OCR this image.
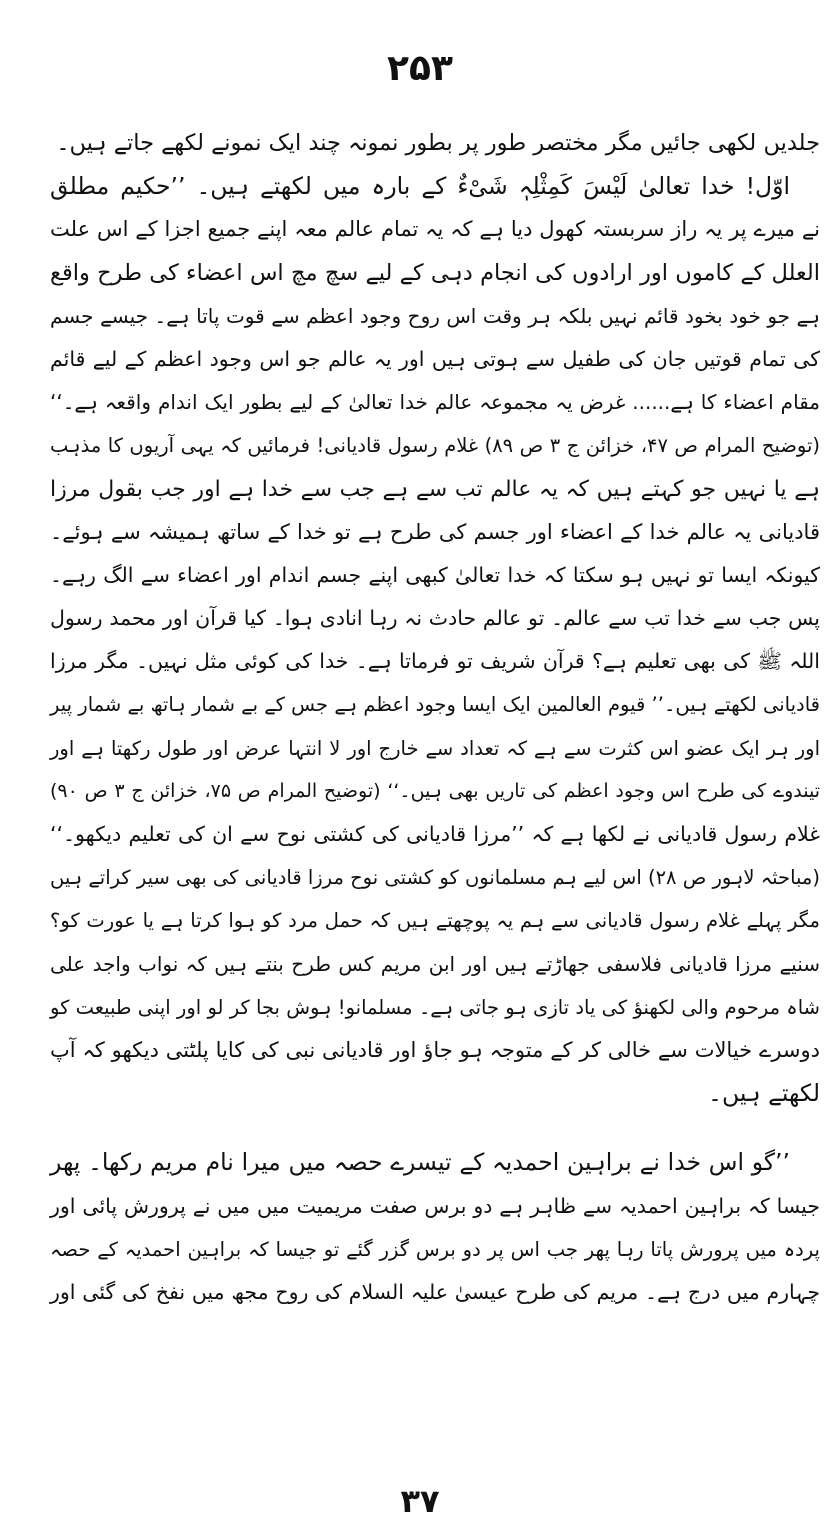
۲۵۳
جلدیں لکھی جائیں مگر مختصر طور پر بطور نمونہ چند ایک نمونے لکھے جاتے ہیں۔
اوّل! خدا تعالیٰ لَیْسَ کَمِثْلِہٖ شَیْءٌ کے بارہ میں لکھتے ہیں۔ ’’حکیم مطلق
نے میرے پر یہ راز سربستہ کھول دیا ہے کہ یہ تمام عالم معہ اپنے جمیع اجزا کے اس علت
العلل کے کاموں اور ارادوں کی انجام دہی کے لیے سچ مچ اس اعضاء کی طرح واقع
ہے جو خود بخود قائم نہیں بلکہ ہر وقت اس روح وجود اعظم سے قوت پاتا ہے۔ جیسے جسم
کی تمام قوتیں جان کی طفیل سے ہوتی ہیں اور یہ عالم جو اس وجود اعظم کے لیے قائم
مقام اعضاء کا ہے...... غرض یہ مجموعہ عالم خدا تعالیٰ کے لیے بطور ایک اندام واقعہ ہے۔‘‘
(توضیح المرام ص ۴۷، خزائن ج ۳ ص ۸۹) غلام رسول قادیانی! فرمائیں کہ یہی آریوں کا مذہب
ہے یا نہیں جو کہتے ہیں کہ یہ عالم تب سے ہے جب سے خدا ہے اور جب بقول مرزا
قادیانی یہ عالم خدا کے اعضاء اور جسم کی طرح ہے تو خدا کے ساتھ ہمیشہ سے ہوئے۔
کیونکہ ایسا تو نہیں ہو سکتا کہ خدا تعالیٰ کبھی اپنے جسم اندام اور اعضاء سے الگ رہے۔
پس جب سے خدا تب سے عالم۔ تو عالم حادث نہ رہا انادی ہوا۔ کیا قرآن اور محمد رسول
اللہ ﷺ کی بھی تعلیم ہے؟ قرآن شریف تو فرماتا ہے۔ خدا کی کوئی مثل نہیں۔ مگر مرزا
قادیانی لکھتے ہیں۔’’ قیوم العالمین ایک ایسا وجود اعظم ہے جس کے بے شمار ہاتھ بے شمار پیر
اور ہر ایک عضو اس کثرت سے ہے کہ تعداد سے خارج اور لا انتہا عرض اور طول رکھتا ہے اور
تیندوے کی طرح اس وجود اعظم کی تاریں بھی ہیں۔‘‘ (توضیح المرام ص ۷۵، خزائن ج ۳ ص ۹۰)
غلام رسول قادیانی نے لکھا ہے کہ ’’مرزا قادیانی کی کشتی نوح سے ان کی تعلیم دیکھو۔‘‘
(مباحثہ لاہور ص ۲۸) اس لیے ہم مسلمانوں کو کشتی نوح مرزا قادیانی کی بھی سیر کراتے ہیں
مگر پہلے غلام رسول قادیانی سے ہم یہ پوچھتے ہیں کہ حمل مرد کو ہوا کرتا ہے یا عورت کو؟
سنیے مرزا قادیانی فلاسفی جھاڑتے ہیں اور ابن مریم کس طرح بنتے ہیں کہ نواب واجد علی
شاہ مرحوم والی لکھنؤ کی یاد تازی ہو جاتی ہے۔ مسلمانو! ہوش بجا کر لو اور اپنی طبیعت کو
دوسرے خیالات سے خالی کر کے متوجہ ہو جاؤ اور قادیانی نبی کی کایا پلٹتی دیکھو کہ آپ
لکھتے ہیں۔
’’گو اس خدا نے براہین احمدیہ کے تیسرے حصہ میں میرا نام مریم رکھا۔ پھر
جیسا کہ براہین احمدیہ سے ظاہر ہے دو برس صفت مریمیت میں میں نے پرورش پائی اور
پردہ میں پرورش پاتا رہا پھر جب اس پر دو برس گزر گئے تو جیسا کہ براہین احمدیہ کے حصہ
چہارم میں درج ہے۔ مریم کی طرح عیسیٰ علیہ السلام کی روح مجھ میں نفخ کی گئی اور
۳۷
